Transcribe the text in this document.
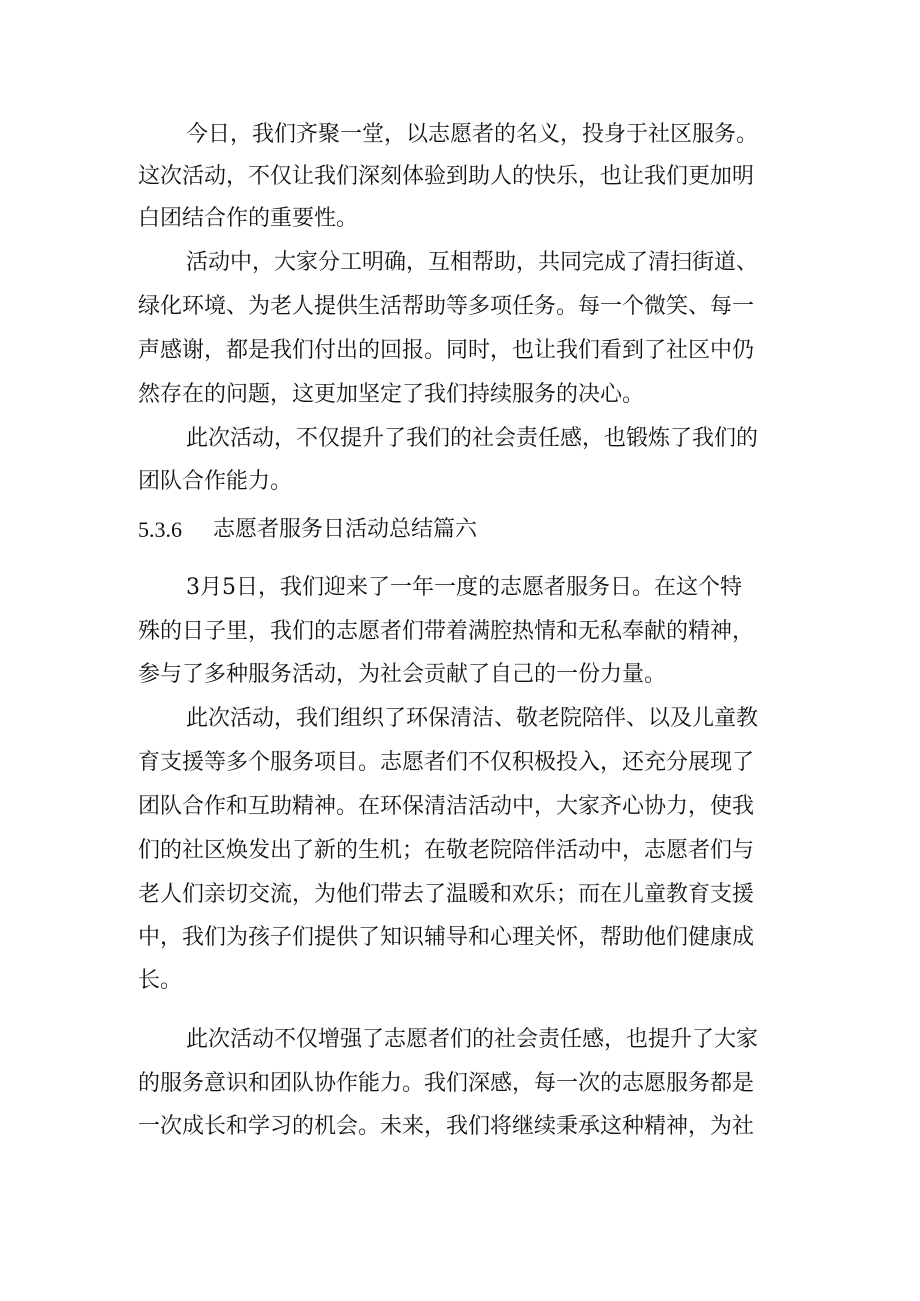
今日，我们齐聚一堂，以志愿者的名义，投身于社区服务。
这次活动，不仅让我们深刻体验到助人的快乐，也让我们更加明
白团结合作的重要性。
活动中，大家分工明确，互相帮助，共同完成了清扫街道、
绿化环境、为老人提供生活帮助等多项任务。每一个微笑、每一
声感谢，都是我们付出的回报。同时，也让我们看到了社区中仍
然存在的问题，这更加坚定了我们持续服务的决心。
此次活动，不仅提升了我们的社会责任感，也锻炼了我们的
团队合作能力。
5.3.6 志愿者服务日活动总结篇六
3月5日，我们迎来了一年一度的志愿者服务日。在这个特
殊的日子里，我们的志愿者们带着满腔热情和无私奉献的精神，
参与了多种服务活动，为社会贡献了自己的一份力量。
此次活动，我们组织了环保清洁、敬老院陪伴、以及儿童教
育支援等多个服务项目。志愿者们不仅积极投入，还充分展现了
团队合作和互助精神。在环保清洁活动中，大家齐心协力，使我
们的社区焕发出了新的生机；在敬老院陪伴活动中，志愿者们与
老人们亲切交流，为他们带去了温暖和欢乐；而在儿童教育支援
中，我们为孩子们提供了知识辅导和心理关怀，帮助他们健康成
长。
此次活动不仅增强了志愿者们的社会责任感，也提升了大家
的服务意识和团队协作能力。我们深感，每一次的志愿服务都是
一次成长和学习的机会。未来，我们将继续秉承这种精神，为社
